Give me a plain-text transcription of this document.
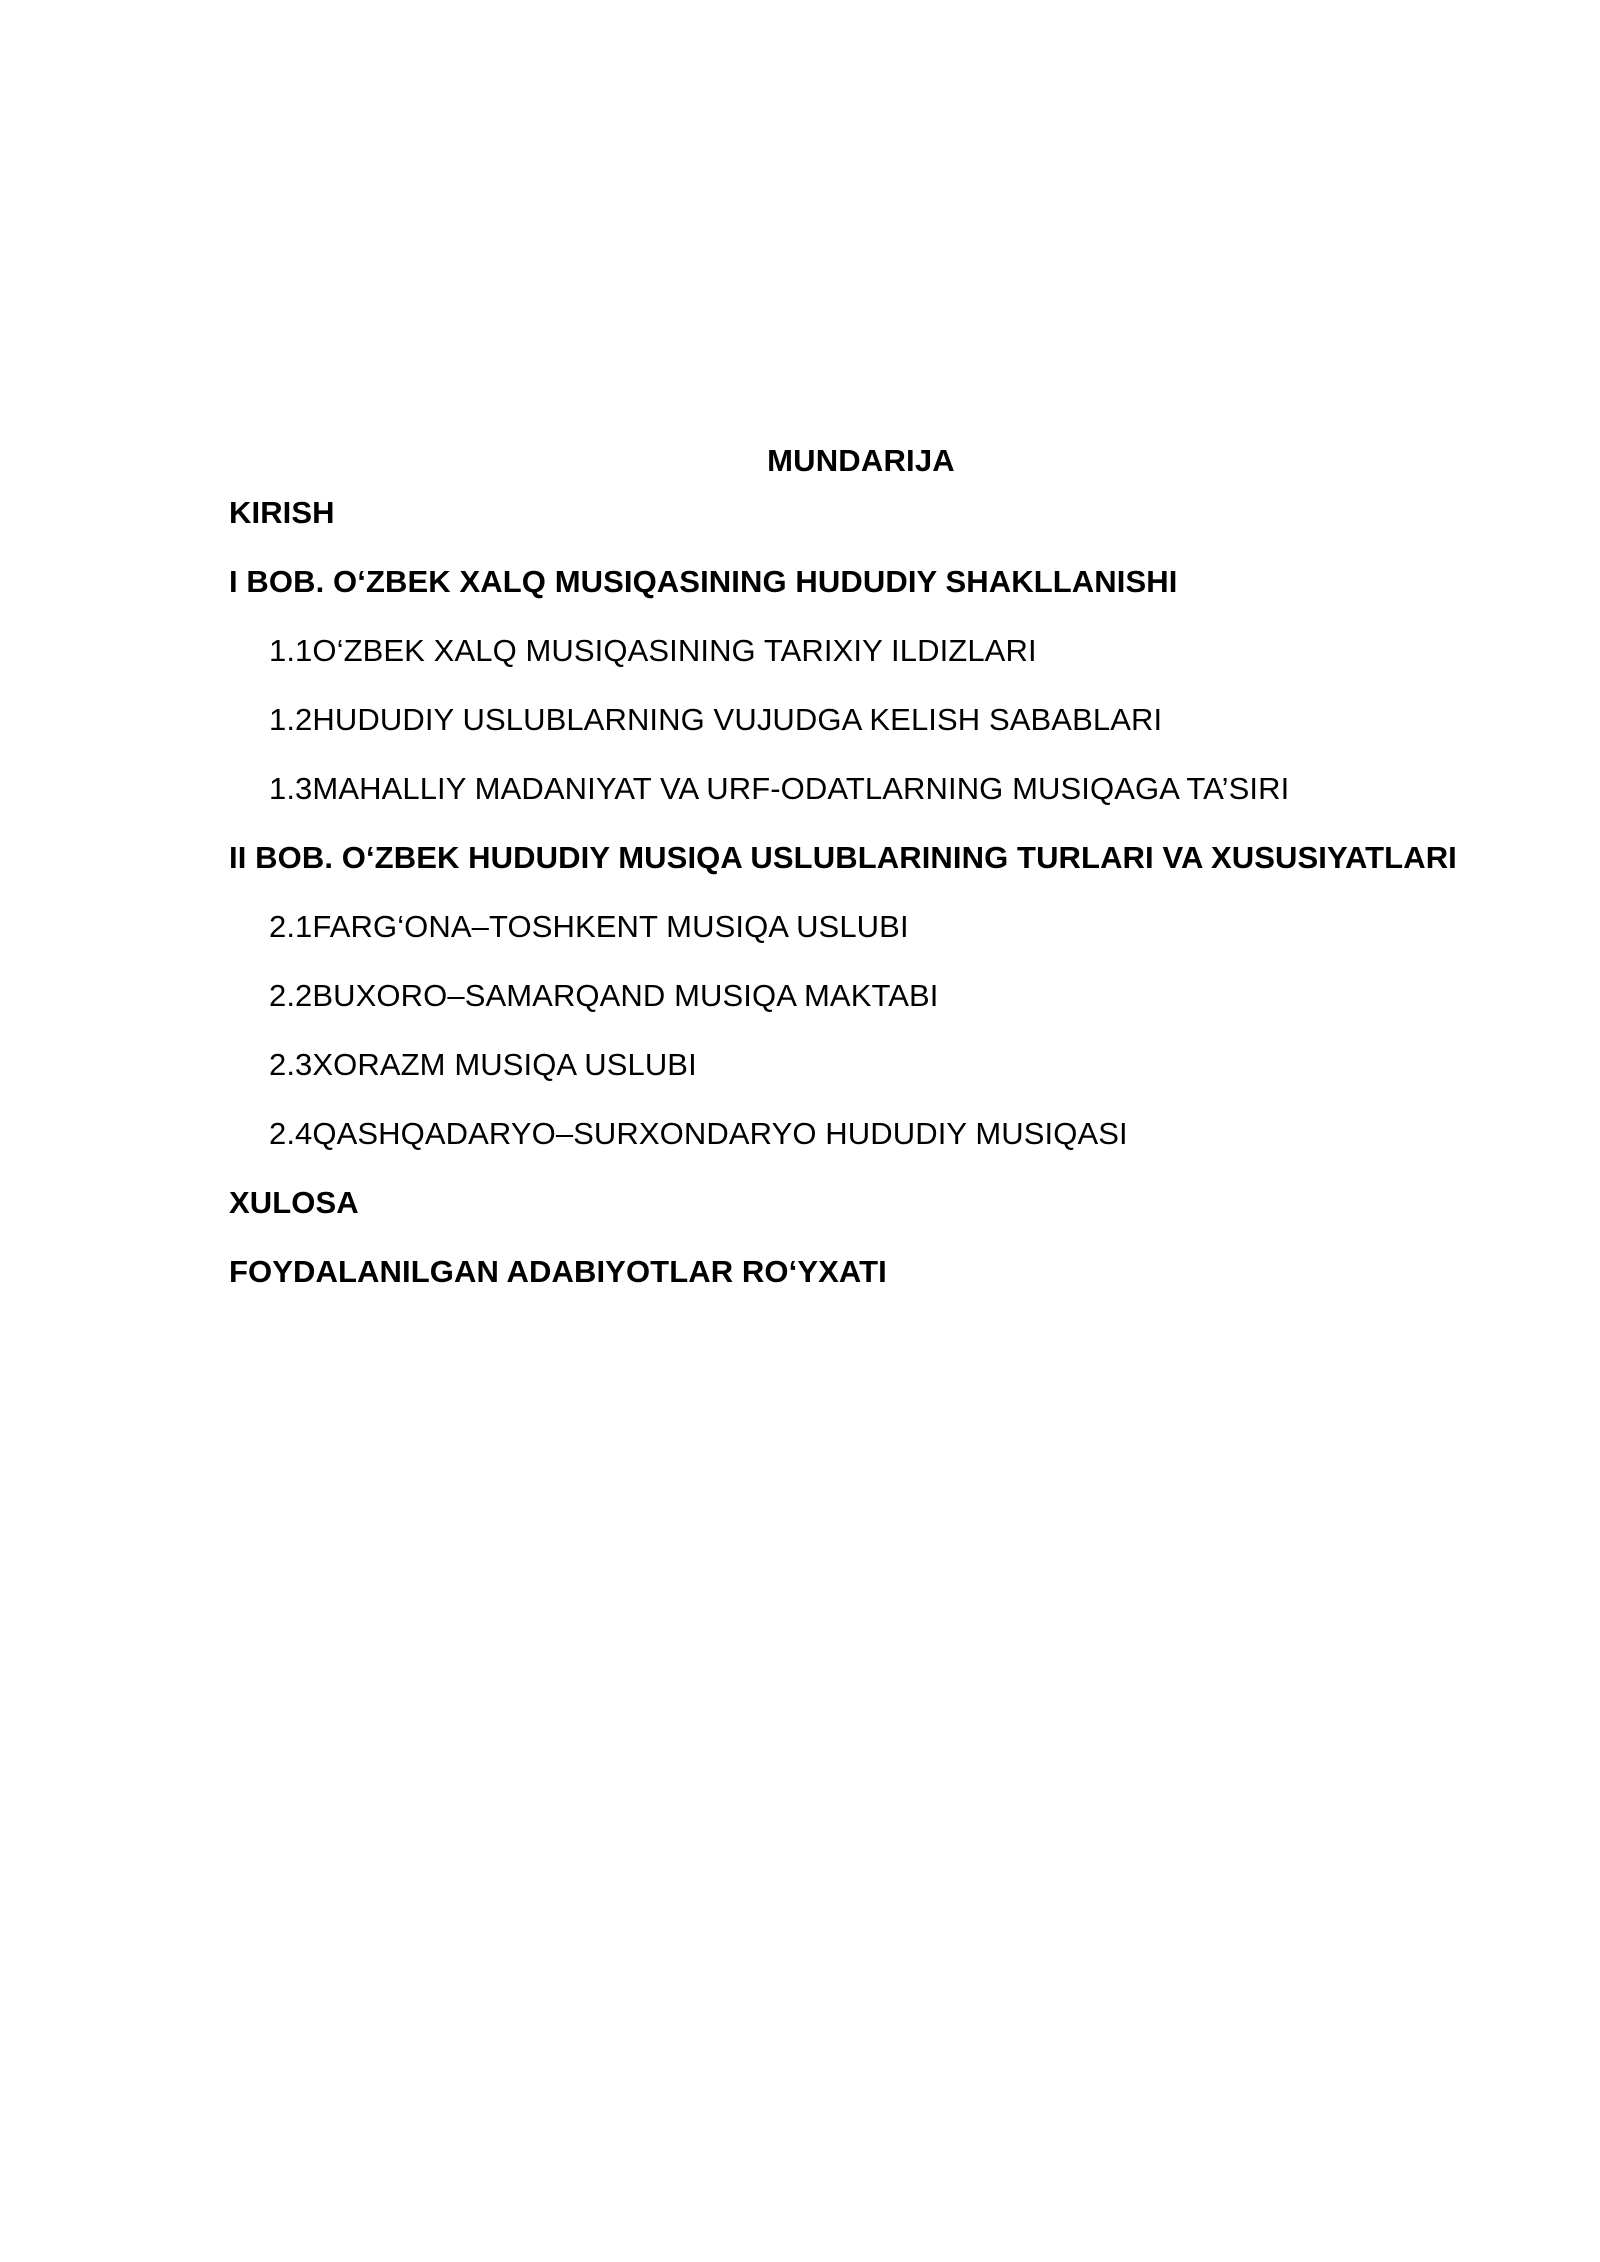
MUNDARIJA
KIRISH
I BOB. O‘ZBEK XALQ MUSIQASINING HUDUDIY SHAKLLANISHI
1.1O‘ZBEK XALQ MUSIQASINING TARIXIY ILDIZLARI
1.2HUDUDIY USLUBLARNING VUJUDGA KELISH SABABLARI
1.3MAHALLIY MADANIYAT VA URF-ODATLARNING MUSIQAGA TA’SIRI
II BOB. O‘ZBEK HUDUDIY MUSIQA USLUBLARINING TURLARI VA XUSUSIYATLARI
2.1FARG‘ONA–TOSHKENT MUSIQA USLUBI
2.2BUXORO–SAMARQAND MUSIQA MAKTABI
2.3XORAZM MUSIQA USLUBI
2.4QASHQADARYO–SURXONDARYO HUDUDIY MUSIQASI
XULOSA
FOYDALANILGAN ADABIYOTLAR RO‘YXATI
